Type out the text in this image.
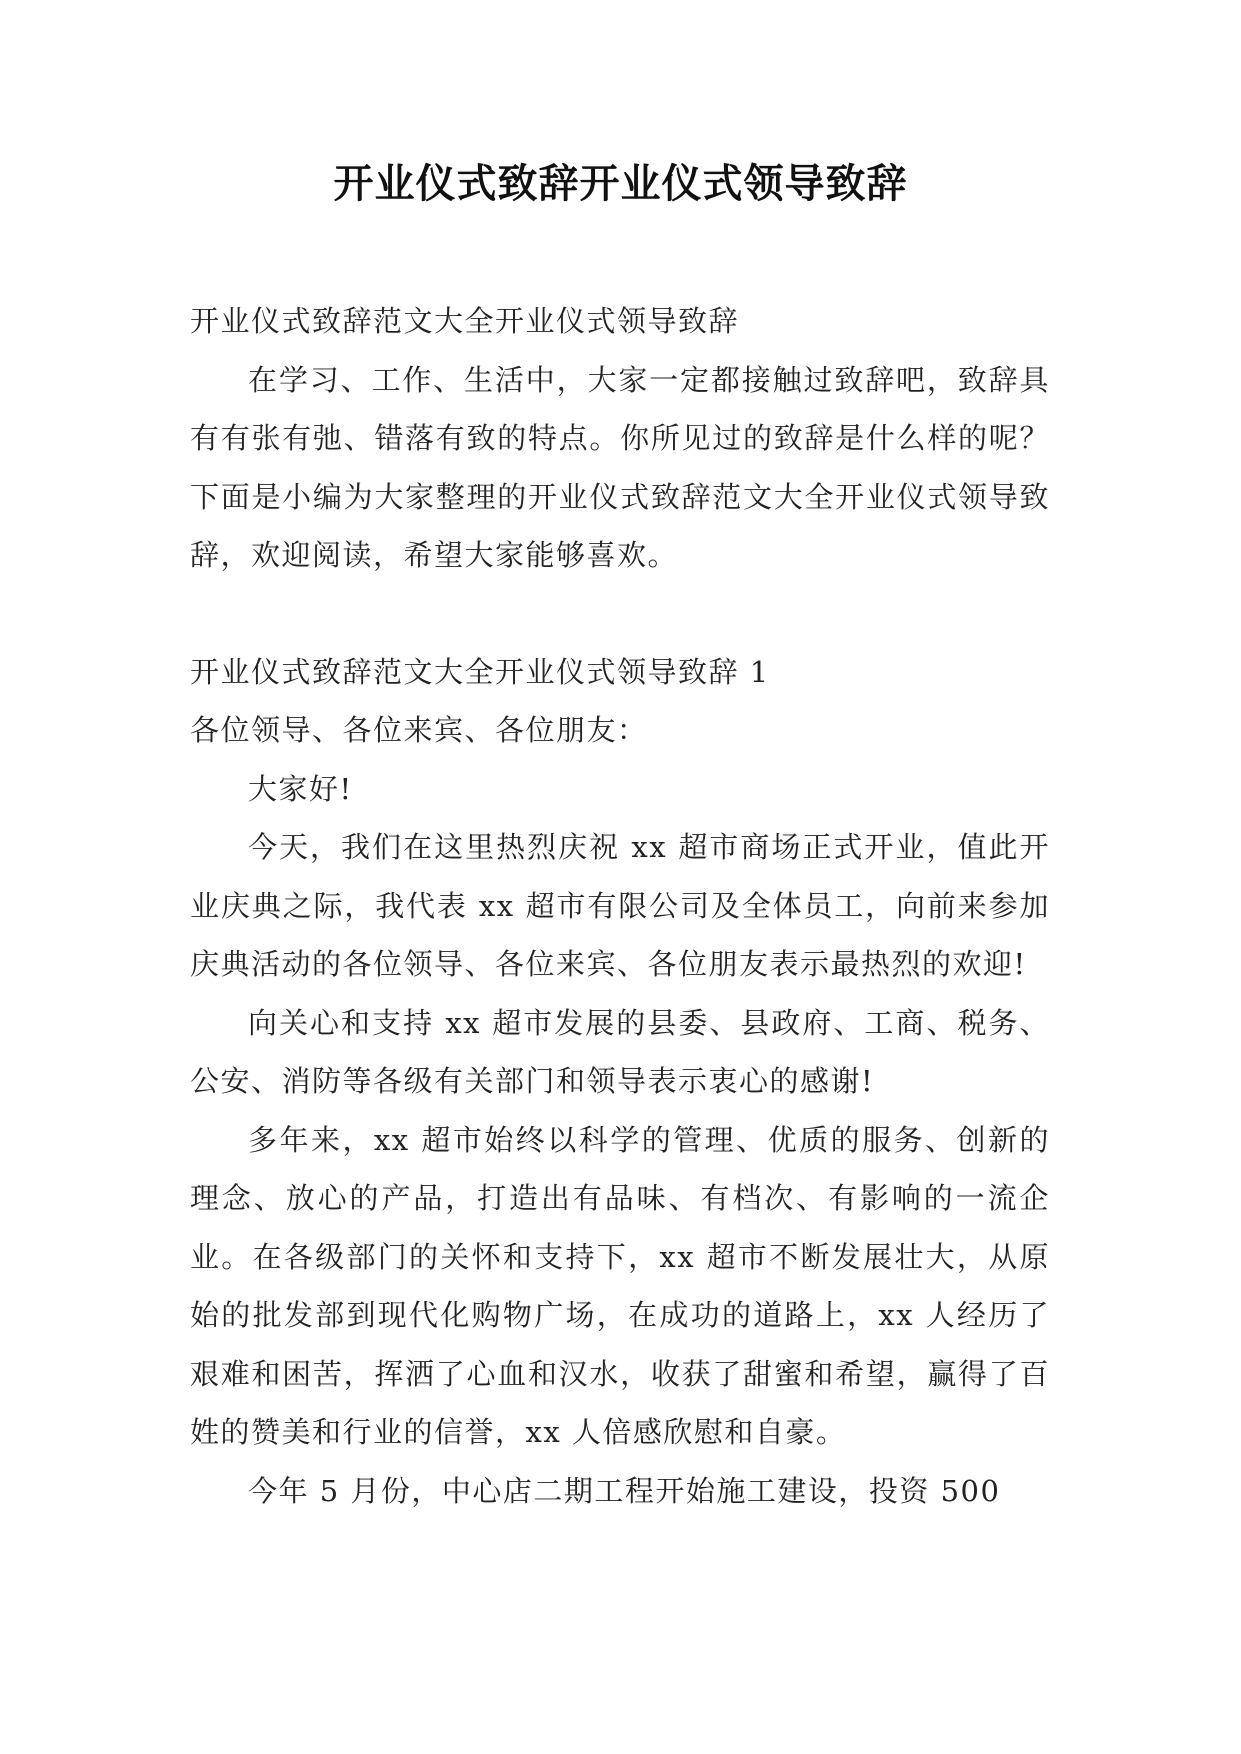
开业仪式致辞开业仪式领导致辞

开业仪式致辞范文大全开业仪式领导致辞

在学习、工作、生活中，大家一定都接触过致辞吧，致辞具有有张有弛、错落有致的特点。你所见过的致辞是什么样的呢？下面是小编为大家整理的开业仪式致辞范文大全开业仪式领导致辞，欢迎阅读，希望大家能够喜欢。

开业仪式致辞范文大全开业仪式领导致辞 1

各位领导、各位来宾、各位朋友：

大家好!

今天，我们在这里热烈庆祝 xx 超市商场正式开业，值此开业庆典之际，我代表 xx 超市有限公司及全体员工，向前来参加庆典活动的各位领导、各位来宾、各位朋友表示最热烈的欢迎!

向关心和支持 xx 超市发展的县委、县政府、工商、税务、公安、消防等各级有关部门和领导表示衷心的感谢!

多年来，xx 超市始终以科学的管理、优质的服务、创新的理念、放心的产品，打造出有品味、有档次、有影响的一流企业。在各级部门的关怀和支持下，xx 超市不断发展壮大，从原始的批发部到现代化购物广场，在成功的道路上，xx 人经历了艰难和困苦，挥洒了心血和汉水，收获了甜蜜和希望，赢得了百姓的赞美和行业的信誉，xx 人倍感欣慰和自豪。

今年 5 月份，中心店二期工程开始施工建设，投资 500
